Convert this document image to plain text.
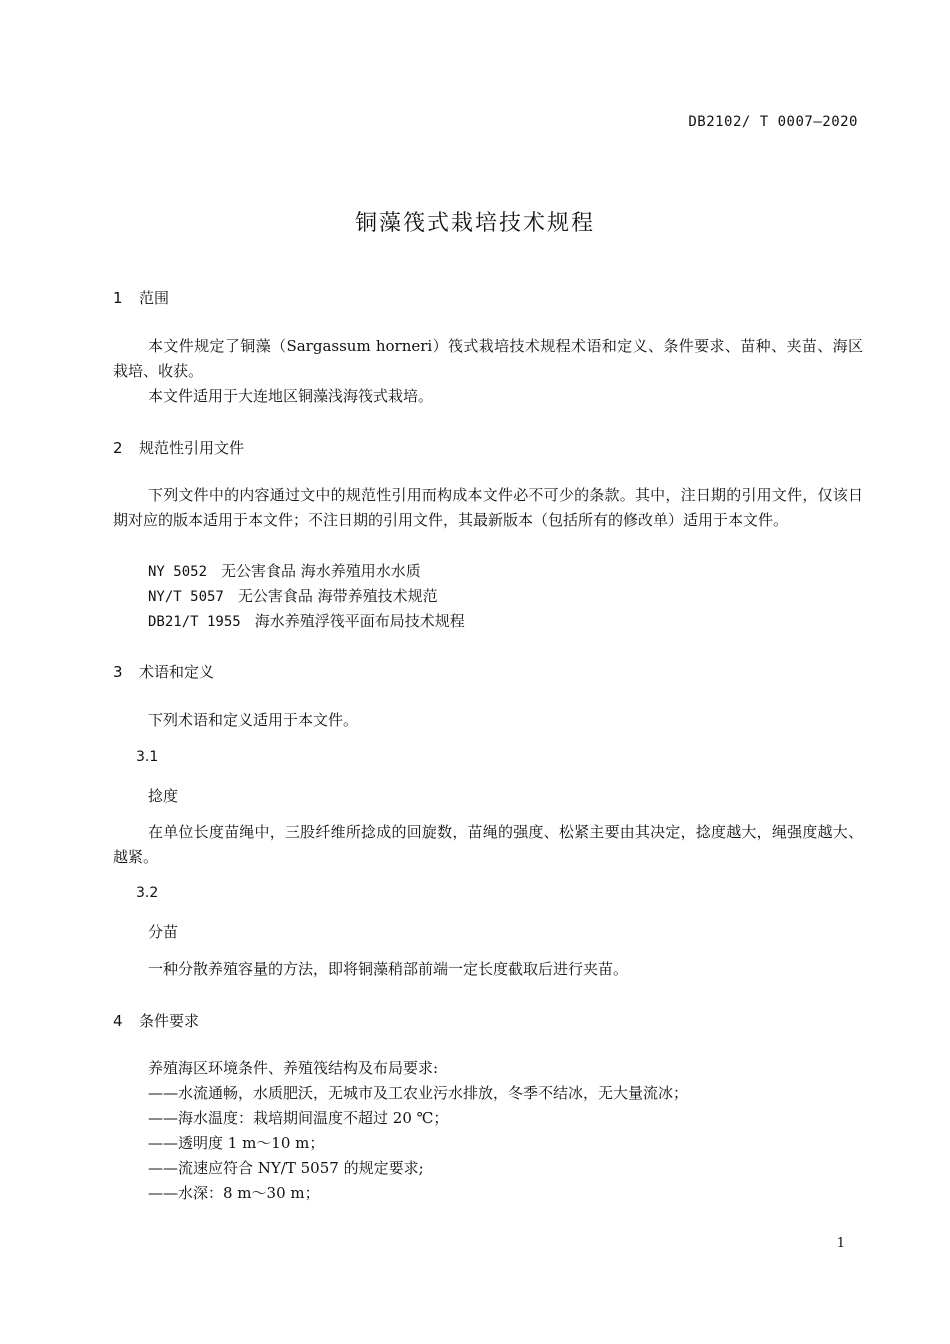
DB2102/ T 0007—2020
铜藻筏式栽培技术规程
1 范围
本文件规定了铜藻（Sargassum horneri）筏式栽培技术规程术语和定义、条件要求、苗种、夹苗、海区栽培、收获。
本文件适用于大连地区铜藻浅海筏式栽培。
2 规范性引用文件
下列文件中的内容通过文中的规范性引用而构成本文件必不可少的条款。其中，注日期的引用文件，仅该日期对应的版本适用于本文件；不注日期的引用文件，其最新版本（包括所有的修改单）适用于本文件。
NY 5052 无公害食品 海水养殖用水水质
NY/T 5057 无公害食品 海带养殖技术规范
DB21/T 1955 海水养殖浮筏平面布局技术规程
3 术语和定义
下列术语和定义适用于本文件。
3.1
捻度
在单位长度苗绳中，三股纤维所捻成的回旋数，苗绳的强度、松紧主要由其决定，捻度越大，绳强度越大、越紧。
3.2
分苗
一种分散养殖容量的方法，即将铜藻稍部前端一定长度截取后进行夹苗。
4 条件要求
养殖海区环境条件、养殖筏结构及布局要求:
——水流通畅，水质肥沃，无城市及工农业污水排放，冬季不结冰，无大量流冰；
——海水温度：栽培期间温度不超过 20 ℃；
——透明度 1 m～10 m；
——流速应符合 NY/T 5057 的规定要求;
——水深：8 m～30 m；
1
